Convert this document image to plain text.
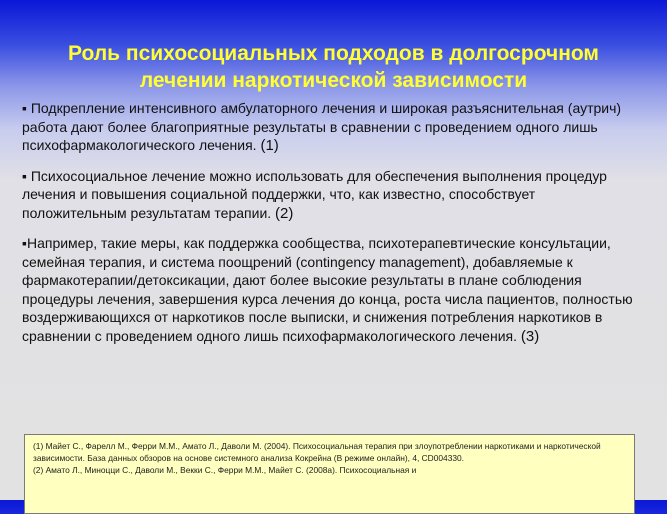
Роль психосоциальных подходов в долгосрочном
лечении наркотической зависимости

▪ Подкрепление интенсивного амбулаторного лечения и широкая разъяснительная (аутрич) работа дают более благоприятные результаты в сравнении с проведением одного лишь психофармакологического лечения. (1)

▪ Психосоциальное лечение можно использовать для обеспечения выполнения процедур лечения и повышения социальной поддержки, что, как известно, способствует положительным результатам терапии. (2)

▪Например, такие меры, как поддержка сообщества, психотерапевтические консультации, семейная терапия, и система поощрений (contingency management), добавляемые к фармакотерапии/детоксикации, дают более высокие результаты в плане соблюдения процедуры лечения, завершения курса лечения до конца, роста числа пациентов, полностью воздерживающихся от наркотиков после выписки, и снижения потребления наркотиков в сравнении с проведением одного лишь психофармакологического лечения. (3)

(1) Майет С., Фарелл М., Ферри М.М., Амато Л., Даволи М. (2004). Психосоциальная терапия при злоупотреблении наркотиками и наркотической зависимости. База данных обзоров на основе системного анализа Кокрейна (В режиме онлайн), 4, CD004330.

(2) Амато Л., Миноцци С., Даволи М., Векки С., Ферри М.М., Майет С. (2008а). Психосоциальная и
